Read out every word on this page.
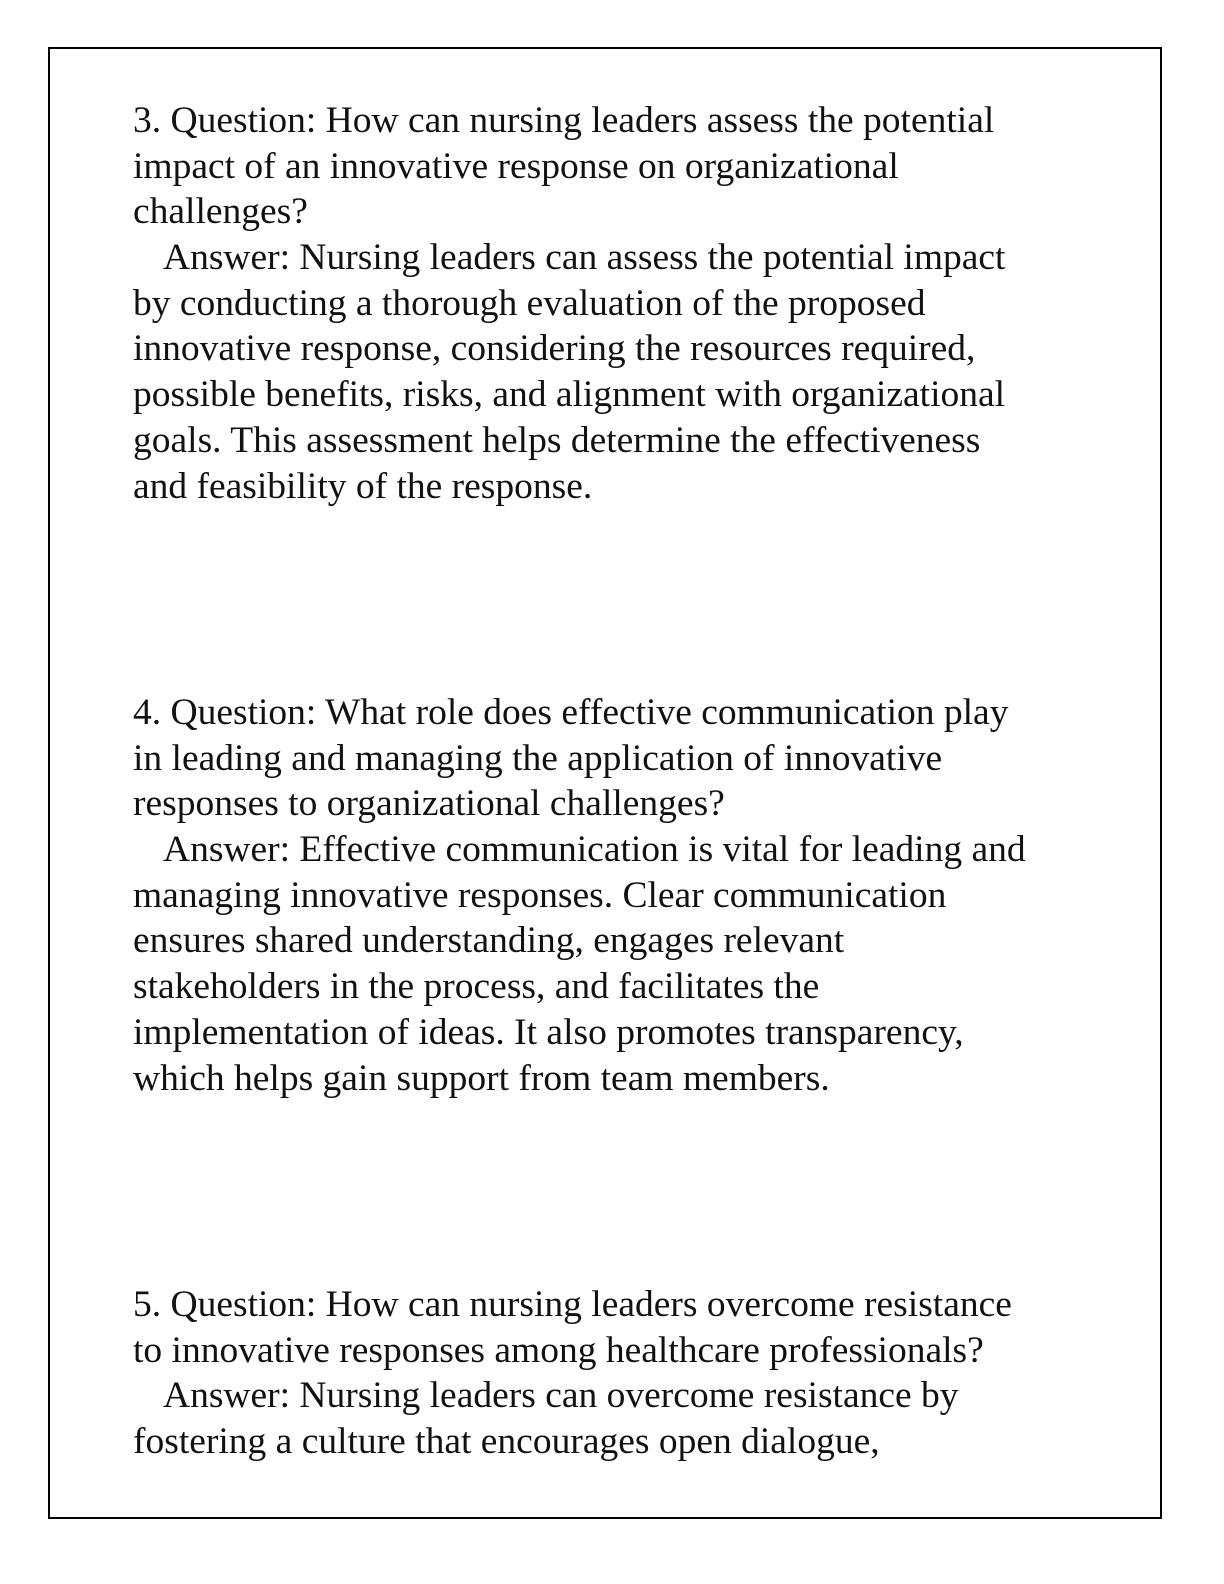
3. Question: How can nursing leaders assess the potential
impact of an innovative response on organizational
challenges?
Answer: Nursing leaders can assess the potential impact
by conducting a thorough evaluation of the proposed
innovative response, considering the resources required,
possible benefits, risks, and alignment with organizational
goals. This assessment helps determine the effectiveness
and feasibility of the response.
4. Question: What role does effective communication play
in leading and managing the application of innovative
responses to organizational challenges?
Answer: Effective communication is vital for leading and
managing innovative responses. Clear communication
ensures shared understanding, engages relevant
stakeholders in the process, and facilitates the
implementation of ideas. It also promotes transparency,
which helps gain support from team members.
5. Question: How can nursing leaders overcome resistance
to innovative responses among healthcare professionals?
Answer: Nursing leaders can overcome resistance by
fostering a culture that encourages open dialogue,
